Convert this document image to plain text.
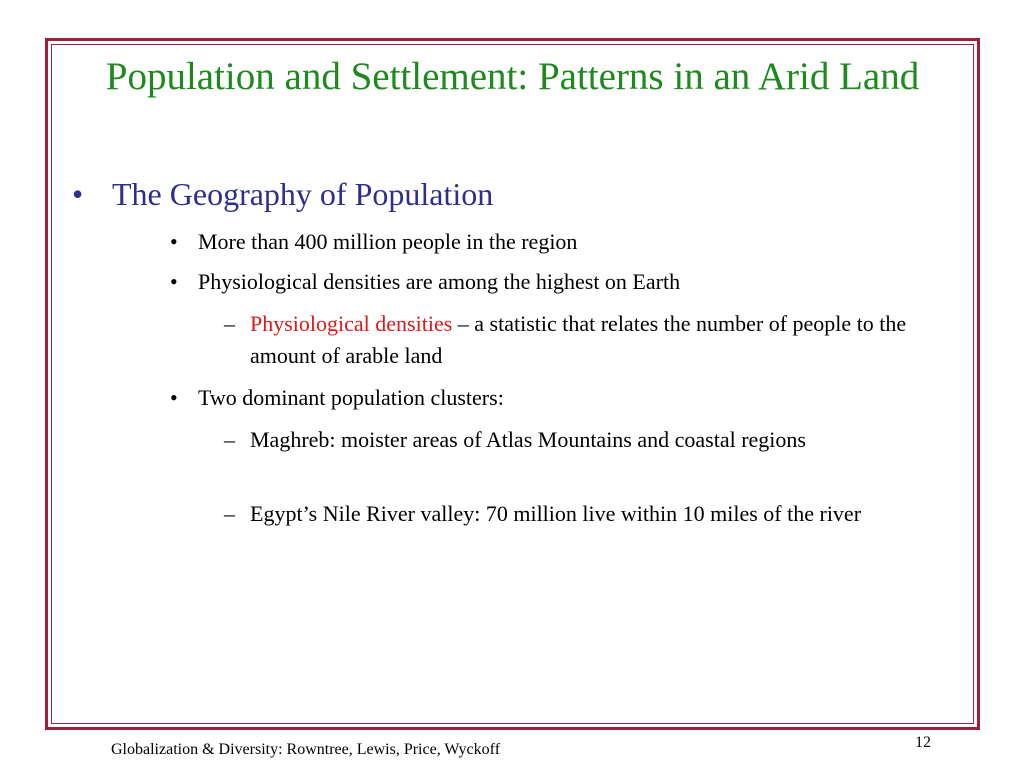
Population and Settlement: Patterns in an Arid Land
• The Geography of Population
• More than 400 million people in the region
• Physiological densities are among the highest on Earth
– Physiological densities – a statistic that relates the number of people to the amount of arable land
• Two dominant population clusters:
– Maghreb: moister areas of Atlas Mountains and coastal regions
– Egypt’s Nile River valley: 70 million live within 10 miles of the river
Globalization & Diversity: Rowntree, Lewis, Price, Wyckoff	12
